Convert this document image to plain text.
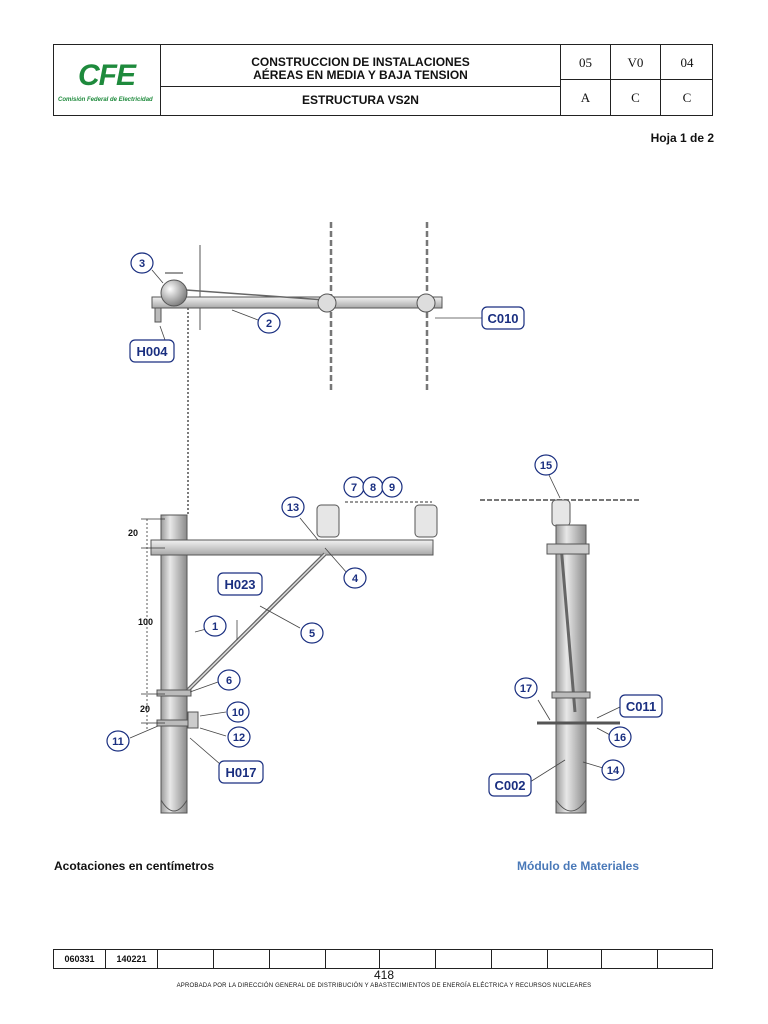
CFE
Comisión Federal de Electricidad
CONSTRUCCION DE INSTALACIONES
AÉREAS EN MEDIA Y BAJA TENSION
ESTRUCTURA VS2N
05	V0	04
A	C	C
Hoja 1 de 2
3
2
13
7 8 9
4
5
1
6
10
12
11
15
17
16
14
C010
H004
H023
H017
C011
C002
20
100
20
Acotaciones en centímetros	Módulo de Materiales
060331	140221
418
APROBADA POR LA DIRECCIÓN GENERAL DE DISTRIBUCIÓN Y ABASTECIMIENTOS DE ENERGÍA ELÉCTRICA Y RECURSOS NUCLEARES
